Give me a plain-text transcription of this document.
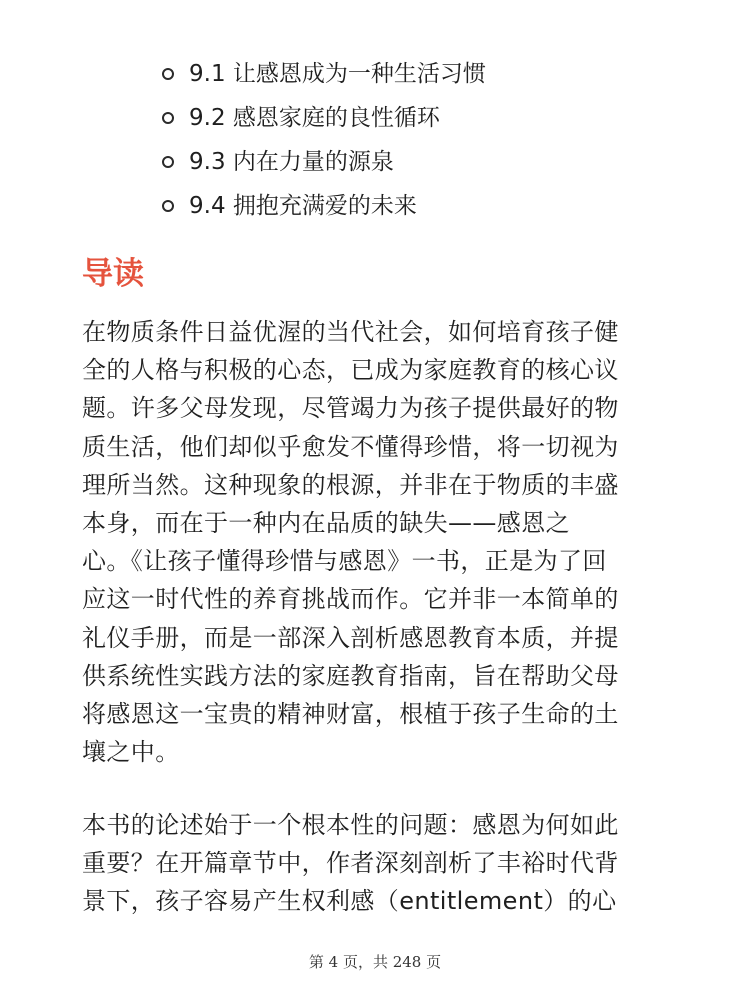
9.1 让感恩成为一种生活习惯
9.2 感恩家庭的良性循环
9.3 内在力量的源泉
9.4 拥抱充满爱的未来
导读

在物质条件日益优渥的当代社会，如何培育孩子健
全的人格与积极的心态，已成为家庭教育的核心议
题。许多父母发现，尽管竭力为孩子提供最好的物
质生活，他们却似乎愈发不懂得珍惜，将一切视为
理所当然。这种现象的根源，并非在于物质的丰盛
本身，而在于一种内在品质的缺失——感恩之
心。《让孩子懂得珍惜与感恩》一书，正是为了回
应这一时代性的养育挑战而作。它并非一本简单的
礼仪手册，而是一部深入剖析感恩教育本质，并提
供系统性实践方法的家庭教育指南，旨在帮助父母
将感恩这一宝贵的精神财富，根植于孩子生命的土
壤之中。

本书的论述始于一个根本性的问题：感恩为何如此
重要？在开篇章节中，作者深刻剖析了丰裕时代背
景下，孩子容易产生权利感（entitlement）的心

第 4 页，共 248 页
